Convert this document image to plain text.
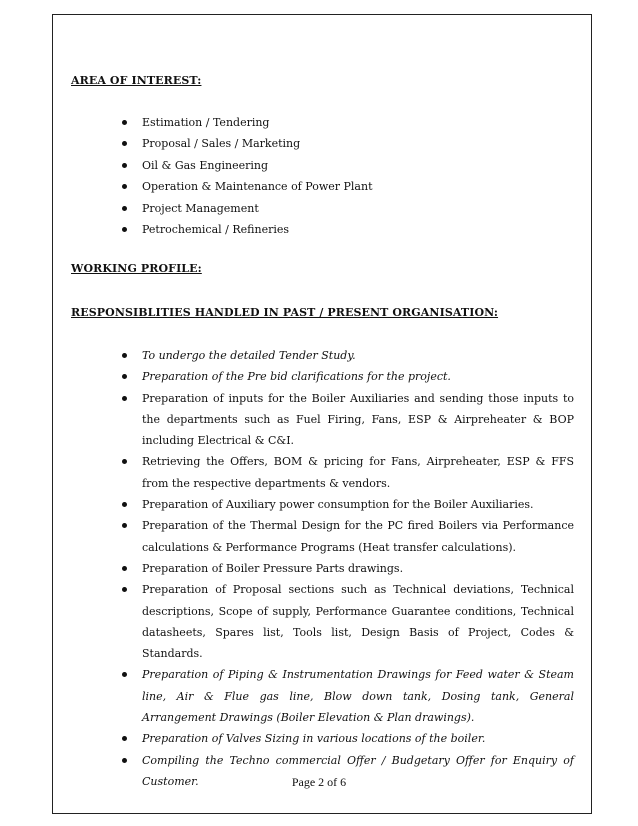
AREA OF INTEREST:
Estimation / Tendering
Proposal / Sales / Marketing
Oil & Gas Engineering
Operation & Maintenance of Power Plant
Project Management
Petrochemical / Refineries
WORKING PROFILE:
RESPONSIBLITIES HANDLED IN PAST / PRESENT ORGANISATION:
To undergo the detailed Tender Study.
Preparation of the Pre bid clarifications for the project.
Preparation of inputs for the Boiler Auxiliaries and sending those inputs to the departments such as Fuel Firing, Fans, ESP & Airpreheater & BOP including Electrical & C&I.
Retrieving the Offers, BOM & pricing for Fans, Airpreheater, ESP & FFS from the respective departments & vendors.
Preparation of Auxiliary power consumption for the Boiler Auxiliaries.
Preparation of the Thermal Design for the PC fired Boilers via Performance calculations & Performance Programs (Heat transfer calculations).
Preparation of Boiler Pressure Parts drawings.
Preparation of Proposal sections such as Technical deviations, Technical descriptions, Scope of supply, Performance Guarantee conditions, Technical datasheets, Spares list, Tools list, Design Basis of Project, Codes & Standards.
Preparation of Piping & Instrumentation Drawings for Feed water & Steam line, Air & Flue gas line, Blow down tank, Dosing tank, General Arrangement Drawings (Boiler Elevation & Plan drawings).
Preparation of Valves Sizing in various locations of the boiler.
Compiling the Techno commercial Offer / Budgetary Offer for Enquiry of Customer.	Page 2 of 6
